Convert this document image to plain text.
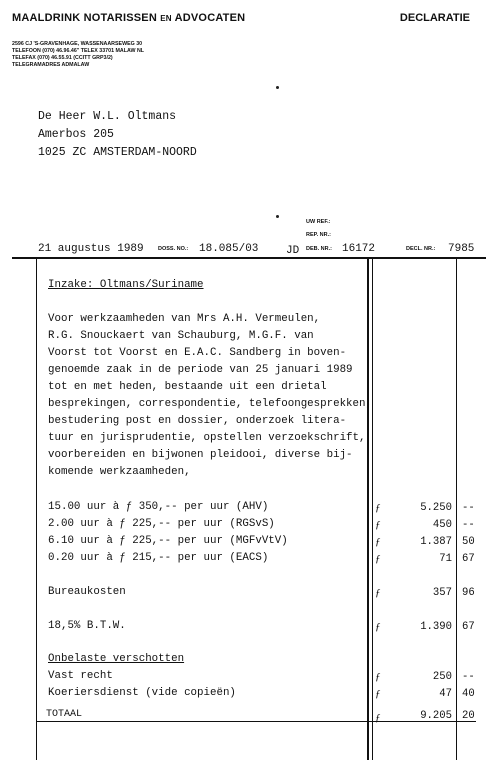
MAALDRINK NOTARISSEN EN ADVOCATEN	DECLARATIE
2596 CJ 'S-GRAVENHAGE, WASSENAARSEWEG 30
TELEFOON (070) 46.96.46" TELEX 33701 MALAW NL
TELEFAX (070) 46.55.91 (CCITT GRP3/2)
TELEGRAMADRES ADMALAW
De Heer W.L. Oltmans
Amerbos 205
1025 ZC AMSTERDAM-NOORD
UW REF.:
REP. NR.:
21 augustus 1989	DOSS. NO.: 18.085/03	JD DEB. NR.: 16172	DECL. NR.: 7985
Inzake: Oltmans/Suriname
Voor werkzaamheden van Mrs A.H. Vermeulen,
R.G. Snouckaert van Schauburg, M.G.F. van
Voorst tot Voorst en E.A.C. Sandberg in boven-
genoemde zaak in de periode van 25 januari 1989
tot en met heden, bestaande uit een drietal
besprekingen, correspondentie, telefoongesprekken,
bestudering post en dossier, onderzoek litera-
tuur en jurisprudentie, opstellen verzoekschrift,
voorbereiden en bijwonen pleidooi, diverse bij-
komende werkzaamheden,
15.00 uur à ƒ 350,-- per uur (AHV)	ƒ	5.250 --
2.00 uur à ƒ 225,-- per uur (RGSvS)	ƒ	450 --
6.10 uur à ƒ 225,-- per uur (MGFvVtV)	ƒ	1.387 50
0.20 uur à ƒ 215,-- per uur (EACS)	ƒ	71 67
Bureaukosten	ƒ	357 96
18,5% B.T.W.	ƒ	1.390 67
Onbelaste verschotten
Vast recht	ƒ	250 --
Koeriersdienst (vide copieën)	ƒ	47 40
TOTAAL	ƒ	9.205 20
